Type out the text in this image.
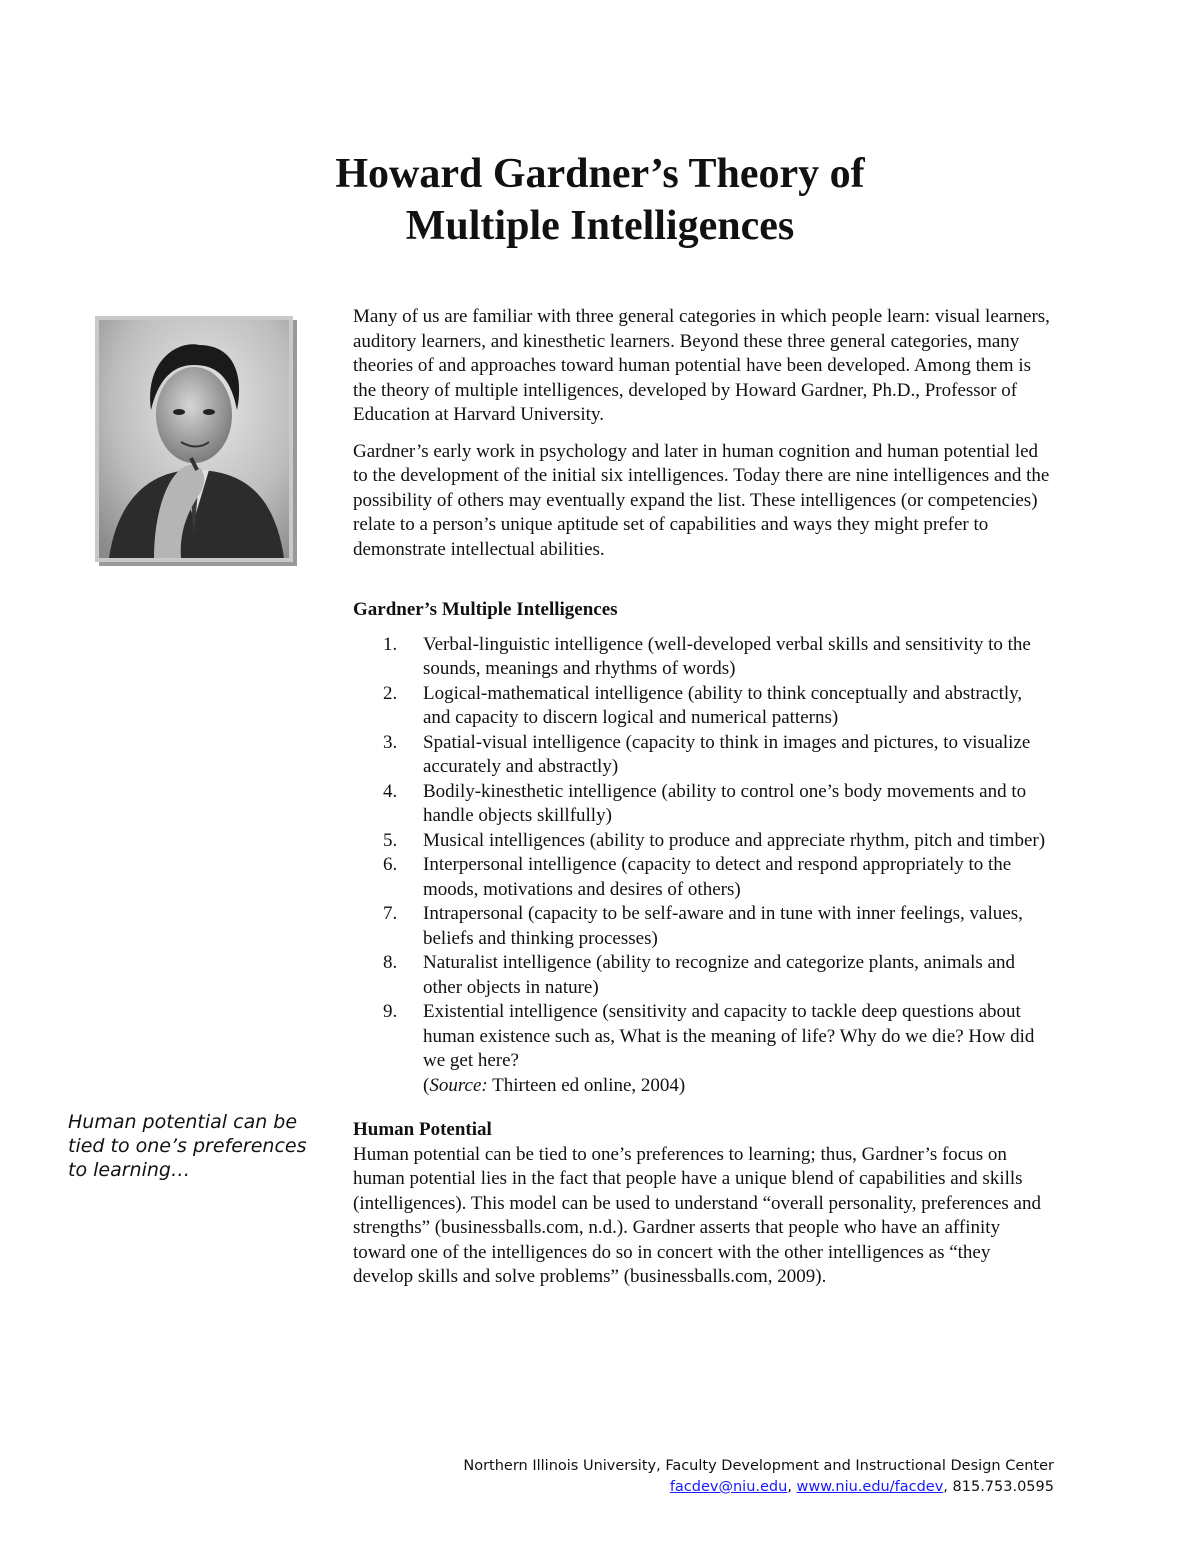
Howard Gardner’s Theory of
Multiple Intelligences
Human potential can be tied to one’s preferences to learning…

Many of us are familiar with three general categories in which people learn: visual learners, auditory learners, and kinesthetic learners. Beyond these three general categories, many theories of and approaches toward human potential have been developed. Among them is the theory of multiple intelligences, developed by Howard Gardner, Ph.D., Professor of Education at Harvard University.

Gardner’s early work in psychology and later in human cognition and human potential led to the development of the initial six intelligences. Today there are nine intelligences and the possibility of others may eventually expand the list. These intelligences (or competencies) relate to a person’s unique aptitude set of capabilities and ways they might prefer to demonstrate intellectual abilities.

Gardner’s Multiple Intelligences
1. Verbal-linguistic intelligence (well-developed verbal skills and sensitivity to the sounds, meanings and rhythms of words)
2. Logical-mathematical intelligence (ability to think conceptually and abstractly, and capacity to discern logical and numerical patterns)
3. Spatial-visual intelligence (capacity to think in images and pictures, to visualize accurately and abstractly)
4. Bodily-kinesthetic intelligence (ability to control one’s body movements and to handle objects skillfully)
5. Musical intelligences (ability to produce and appreciate rhythm, pitch and timber)
6. Interpersonal intelligence (capacity to detect and respond appropriately to the moods, motivations and desires of others)
7. Intrapersonal (capacity to be self-aware and in tune with inner feelings, values, beliefs and thinking processes)
8. Naturalist intelligence (ability to recognize and categorize plants, animals and other objects in nature)
9. Existential intelligence (sensitivity and capacity to tackle deep questions about human existence such as, What is the meaning of life? Why do we die? How did we get here?
(Source: Thirteen ed online, 2004)
Human Potential
Human potential can be tied to one’s preferences to learning; thus, Gardner’s focus on human potential lies in the fact that people have a unique blend of capabilities and skills (intelligences). This model can be used to understand “overall personality, preferences and strengths” (businessballs.com, n.d.). Gardner asserts that people who have an affinity toward one of the intelligences do so in concert with the other intelligences as “they develop skills and solve problems” (businessballs.com, 2009).
Northern Illinois University, Faculty Development and Instructional Design Center
facdev@niu.edu, www.niu.edu/facdev, 815.753.0595
